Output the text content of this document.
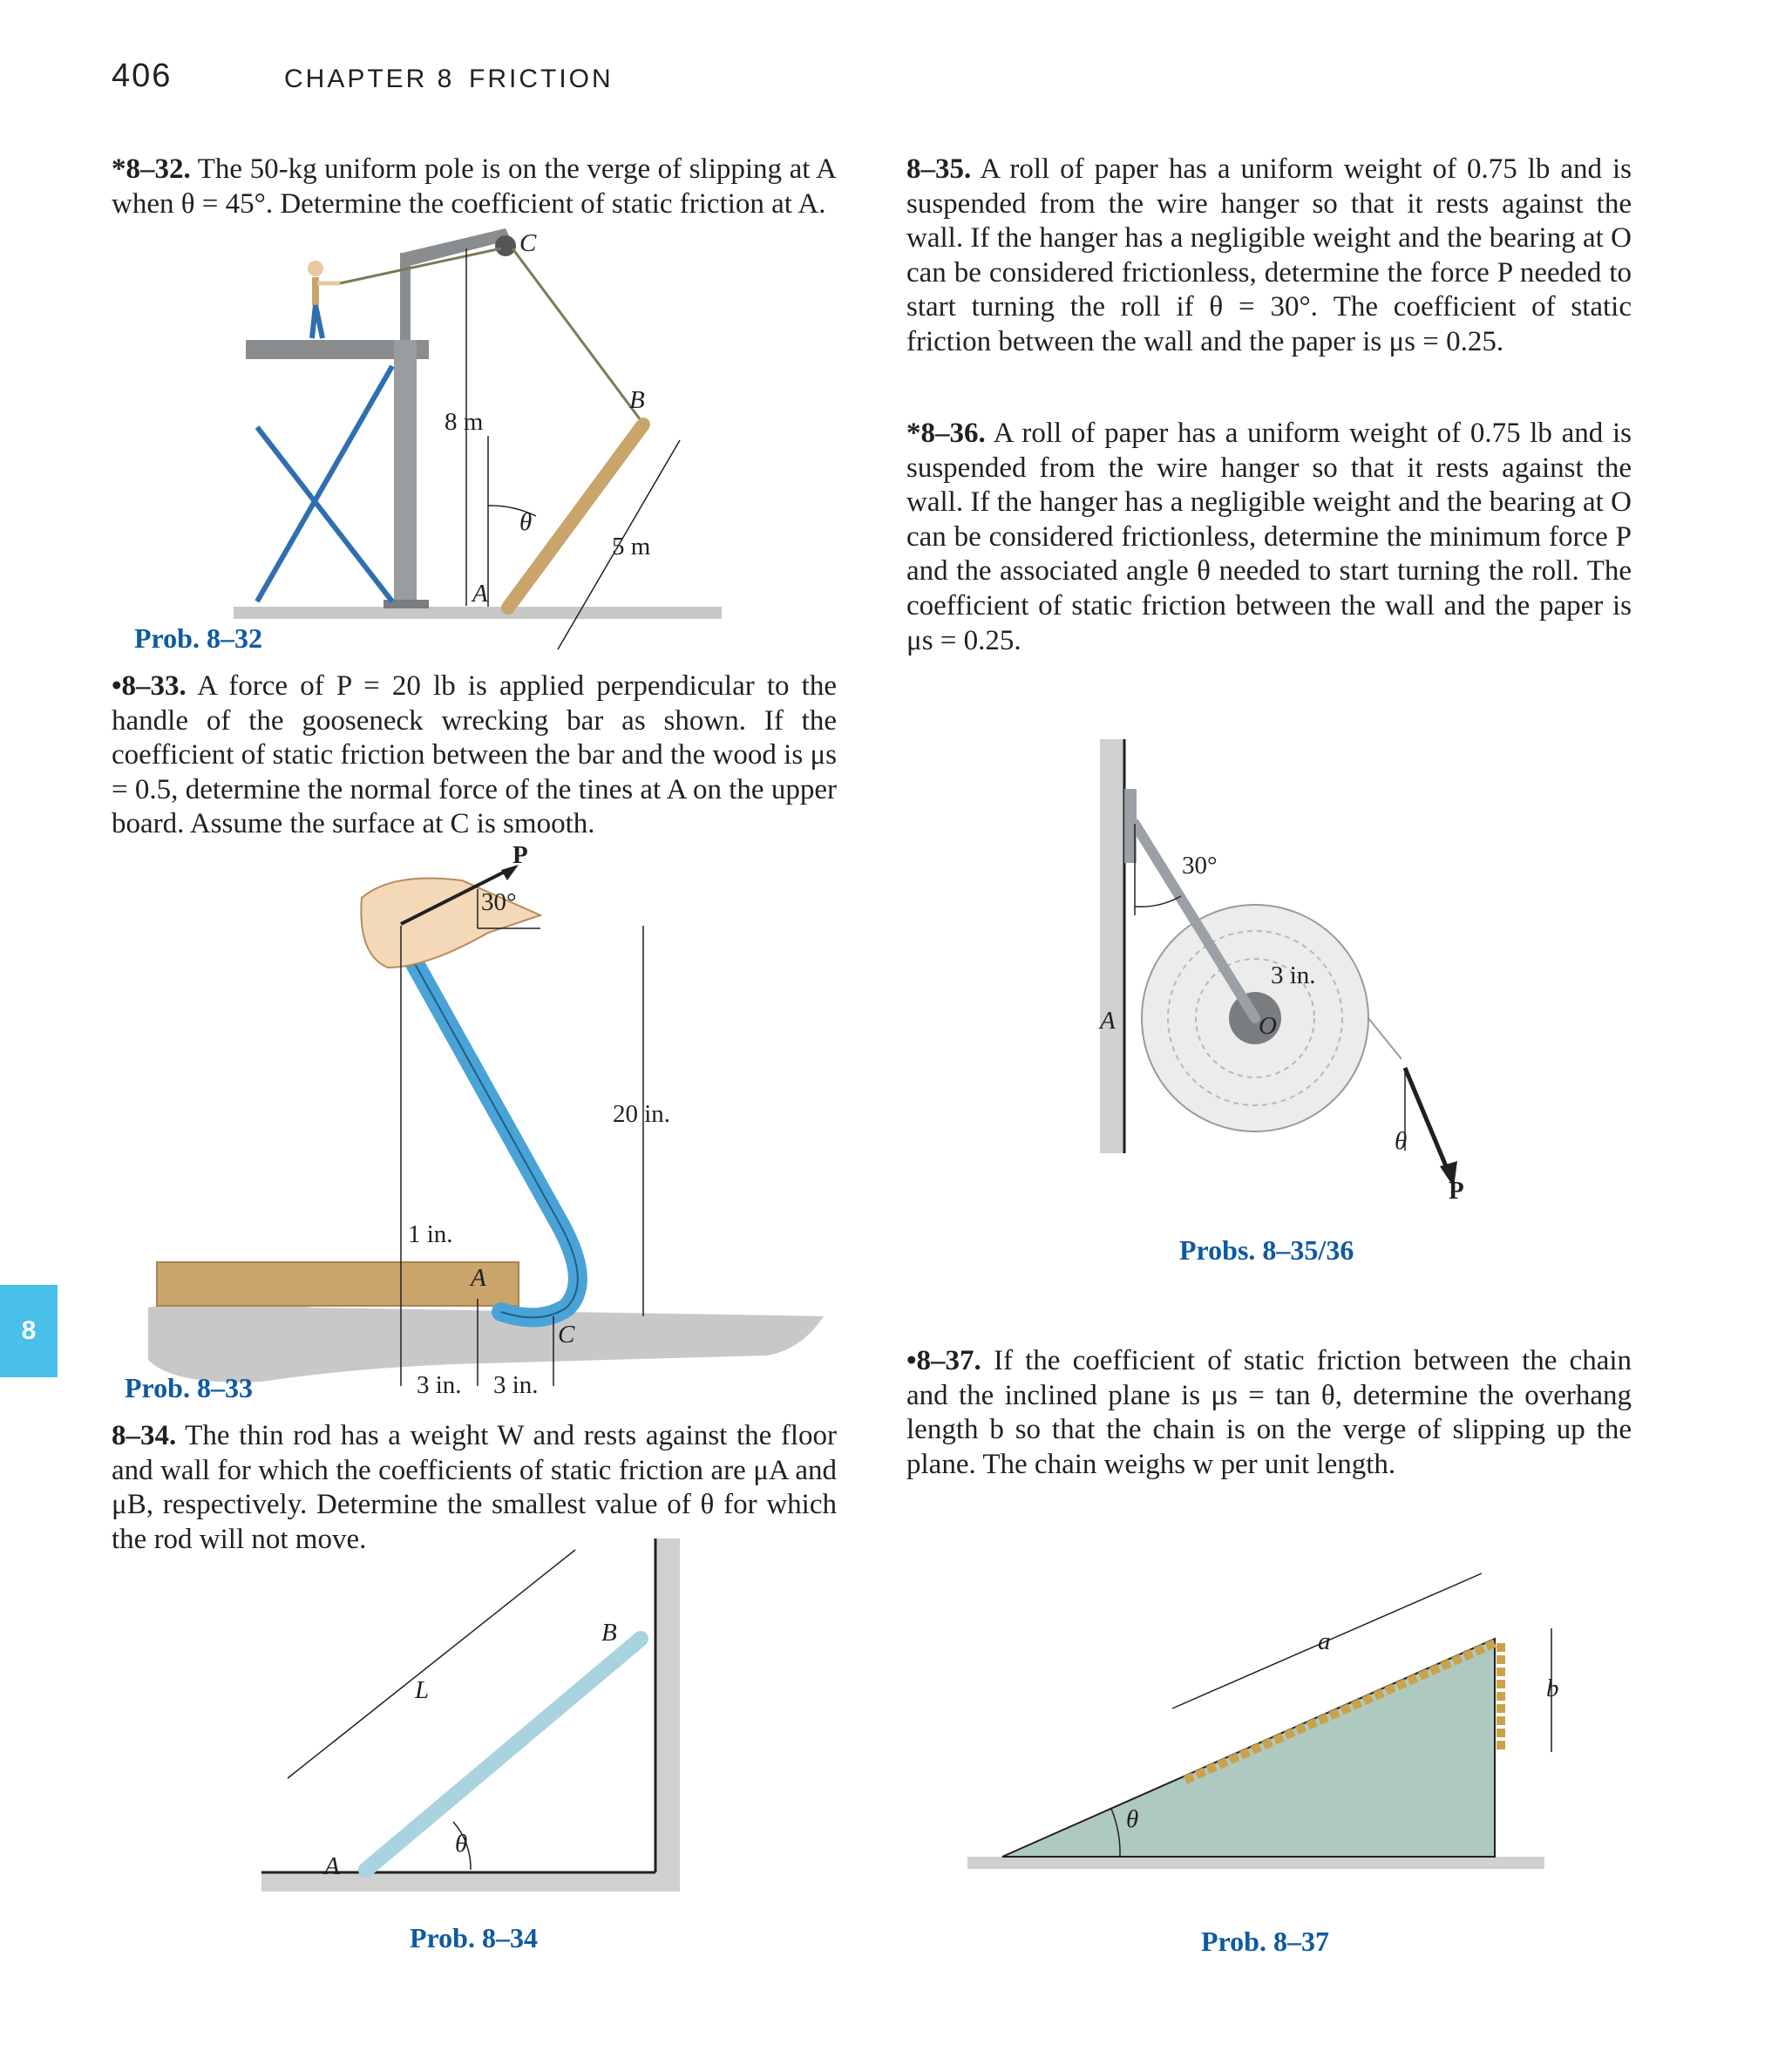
406	CHAPTER 8 FRICTION
8
*8–32. The 50-kg uniform pole is on the verge of slipping at A when θ = 45°. Determine the coefficient of static friction at A.
C
B
8 m
θ
5 m
A
Prob. 8–32
•8–33. A force of P = 20 lb is applied perpendicular to the handle of the gooseneck wrecking bar as shown. If the coefficient of static friction between the bar and the wood is μs = 0.5, determine the normal force of the tines at A on the upper board. Assume the surface at C is smooth.
P
30°
20 in.
1 in.
A
C
3 in. 3 in.
Prob. 8–33
8–34. The thin rod has a weight W and rests against the floor and wall for which the coefficients of static friction are μA and μB, respectively. Determine the smallest value of θ for which the rod will not move.
B
L
θ
A
Prob. 8–34
8–35. A roll of paper has a uniform weight of 0.75 lb and is suspended from the wire hanger so that it rests against the wall. If the hanger has a negligible weight and the bearing at O can be considered frictionless, determine the force P needed to start turning the roll if θ = 30°. The coefficient of static friction between the wall and the paper is μs = 0.25.
*8–36. A roll of paper has a uniform weight of 0.75 lb and is suspended from the wire hanger so that it rests against the wall. If the hanger has a negligible weight and the bearing at O can be considered frictionless, determine the minimum force P and the associated angle θ needed to start turning the roll. The coefficient of static friction between the wall and the paper is μs = 0.25.
30°
3 in.
A	O
θ
P
Probs. 8–35/36
•8–37. If the coefficient of static friction between the chain and the inclined plane is μs = tan θ, determine the overhang length b so that the chain is on the verge of slipping up the plane. The chain weighs w per unit length.
a
b
θ
Prob. 8–37
